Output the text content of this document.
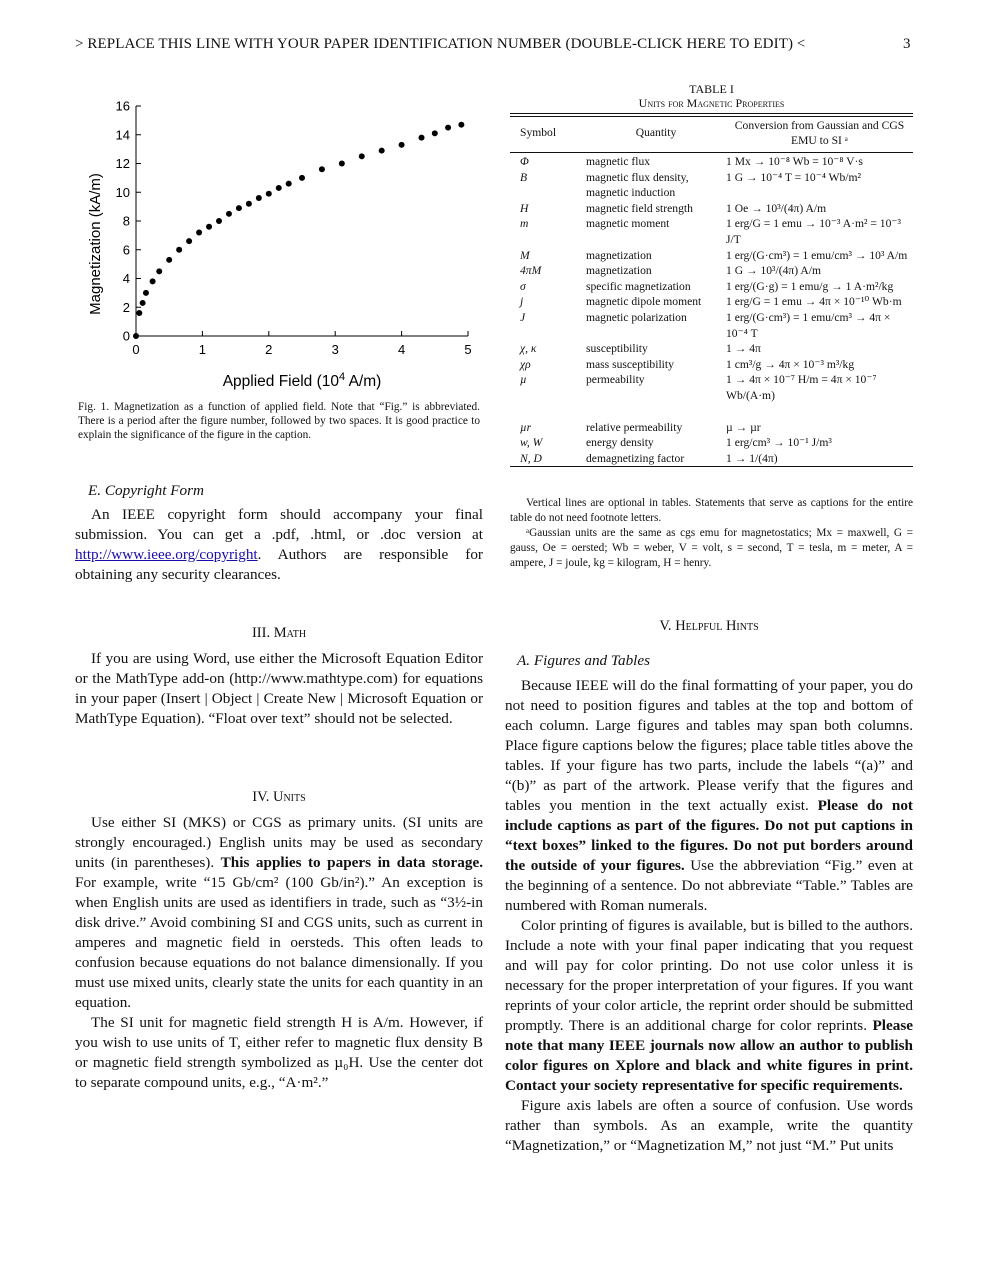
> REPLACE THIS LINE WITH YOUR PAPER IDENTIFICATION NUMBER (DOUBLE-CLICK HERE TO EDIT) <	3
0	1	2	3	4	5
0
2
4
6
8
10
12
14
16
Magnetization (kA/m)
Applied Field ($10^4$ A/m)
Fig. 1. Magnetization as a function of applied field. Note that “Fig.” is abbreviated. There is a period after the figure number, followed by two spaces. It is good practice to explain the significance of the figure in the caption.
E. Copyright Form

An IEEE copyright form should accompany your final submission. You can get a .pdf, .html, or .doc version at http://www.ieee.org/copyright. Authors are responsible for obtaining any security clearances.

III. Math

If you are using Word, use either the Microsoft Equation Editor or the MathType add-on (http://www.mathtype.com) for equations in your paper (Insert | Object | Create New | Microsoft Equation or MathType Equation). “Float over text” should not be selected.

IV. Units

Use either SI (MKS) or CGS as primary units. (SI units are strongly encouraged.) English units may be used as secondary units (in parentheses). This applies to papers in data storage. For example, write “15 Gb/cm² (100 Gb/in²).” An exception is when English units are used as identifiers in trade, such as “3½-in disk drive.” Avoid combining SI and CGS units, such as current in amperes and magnetic field in oersteds. This often leads to confusion because equations do not balance dimensionally. If you must use mixed units, clearly state the units for each quantity in an equation.

The SI unit for magnetic field strength H is A/m. However, if you wish to use units of T, either refer to magnetic flux density B or magnetic field strength symbolized as µ₀H. Use the center dot to separate compound units, e.g., “A·m².”

TABLE I
Units for Magnetic Properties
Symbol	Quantity	Conversion from Gaussian and CGS EMU to SI ᵃ
Φ	magnetic flux	1 Mx → 10⁻⁸ Wb = 10⁻⁸ V·s
B	magnetic flux density, magnetic induction	1 G → 10⁻⁴ T = 10⁻⁴ Wb/m²
H	magnetic field strength	1 Oe → 10³/(4π) A/m
m	magnetic moment	1 erg/G = 1 emu → 10⁻³ A·m² = 10⁻³ J/T
M	magnetization	1 erg/(G·cm³) = 1 emu/cm³ → 10³ A/m
4πM	magnetization	1 G → 10³/(4π) A/m
σ	specific magnetization	1 erg/(G·g) = 1 emu/g → 1 A·m²/kg
j	magnetic dipole moment	1 erg/G = 1 emu → 4π × 10⁻¹⁰ Wb·m
J	magnetic polarization	1 erg/(G·cm³) = 1 emu/cm³ → 4π × 10⁻⁴ T
χ, κ	susceptibility	1 → 4π
χρ	mass susceptibility	1 cm³/g → 4π × 10⁻³ m³/kg
µ	permeability	1 → 4π × 10⁻⁷ H/m = 4π × 10⁻⁷ Wb/(A·m)
µr	relative permeability	µ → µr
w, W	energy density	1 erg/cm³ → 10⁻¹ J/m³
N, D	demagnetizing factor	1 → 1/(4π)
Vertical lines are optional in tables. Statements that serve as captions for the entire table do not need footnote letters.
ᵃGaussian units are the same as cgs emu for magnetostatics; Mx = maxwell, G = gauss, Oe = oersted; Wb = weber, V = volt, s = second, T = tesla, m = meter, A = ampere, J = joule, kg = kilogram, H = henry.
V. Helpful Hints
A. Figures and Tables

Because IEEE will do the final formatting of your paper, you do not need to position figures and tables at the top and bottom of each column. Large figures and tables may span both columns. Place figure captions below the figures; place table titles above the tables. If your figure has two parts, include the labels “(a)” and “(b)” as part of the artwork. Please verify that the figures and tables you mention in the text actually exist. Please do not include captions as part of the figures. Do not put captions in “text boxes” linked to the figures. Do not put borders around the outside of your figures. Use the abbreviation “Fig.” even at the beginning of a sentence. Do not abbreviate “Table.” Tables are numbered with Roman numerals.

Color printing of figures is available, but is billed to the authors. Include a note with your final paper indicating that you request and will pay for color printing. Do not use color unless it is necessary for the proper interpretation of your figures. If you want reprints of your color article, the reprint order should be submitted promptly. There is an additional charge for color reprints. Please note that many IEEE journals now allow an author to publish color figures on Xplore and black and white figures in print. Contact your society representative for specific requirements.

Figure axis labels are often a source of confusion. Use words rather than symbols. As an example, write the quantity “Magnetization,” or “Magnetization M,” not just “M.” Put units
